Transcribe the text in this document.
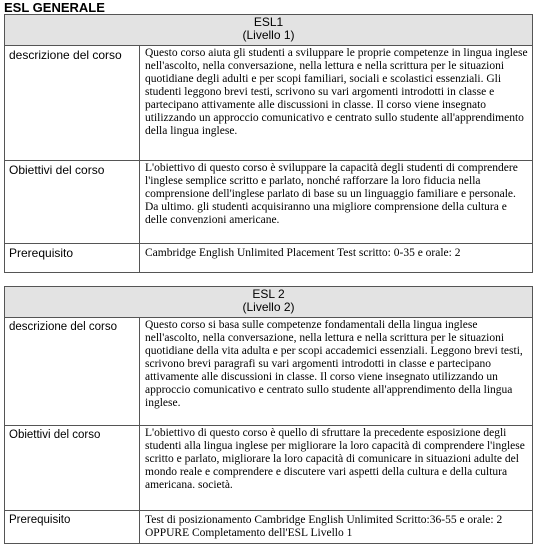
ESL GENERALE
ESL1
(Livello 1)	

descrizione del corso	Questo corso aiuta gli studenti a sviluppare le proprie competenze in lingua inglese nell'ascolto, nella conversazione, nella lettura e nella scrittura per le situazioni quotidiane degli adulti e per scopi familiari, sociali e scolastici essenziali. Gli studenti leggono brevi testi, scrivono su vari argomenti introdotti in classe e partecipano attivamente alle discussioni in classe. Il corso viene insegnato utilizzando un approccio comunicativo e centrato sullo studente all'apprendimento della lingua inglese.
Obiettivi del corso	L'obiettivo di questo corso è sviluppare la capacità degli studenti di comprendere l'inglese semplice scritto e parlato, nonché rafforzare la loro fiducia nella comprensione dell'inglese parlato di base su un linguaggio familiare e personale. Da ultimo. gli studenti acquisiranno una migliore comprensione della cultura e delle convenzioni americane.
Prerequisito	Cambridge English Unlimited Placement Test scritto: 0-35 e orale: 2
ESL 2
(Livello 2)	

descrizione del corso	Questo corso si basa sulle competenze fondamentali della lingua inglese nell'ascolto, nella conversazione, nella lettura e nella scrittura per le situazioni quotidiane della vita adulta e per scopi accademici essenziali. Leggono brevi testi, scrivono brevi paragrafi su vari argomenti introdotti in classe e partecipano attivamente alle discussioni in classe. Il corso viene insegnato utilizzando un approccio comunicativo e centrato sullo studente all'apprendimento della lingua inglese.
Obiettivi del corso	L'obiettivo di questo corso è quello di sfruttare la precedente esposizione degli studenti alla lingua inglese per migliorare la loro capacità di comprendere l'inglese scritto e parlato, migliorare la loro capacità di comunicare in situazioni adulte del mondo reale e comprendere e discutere vari aspetti della cultura e della cultura americana. società.
Prerequisito	Test di posizionamento Cambridge English Unlimited Scritto:36-55 e orale: 2 OPPURE Completamento dell'ESL Livello 1
